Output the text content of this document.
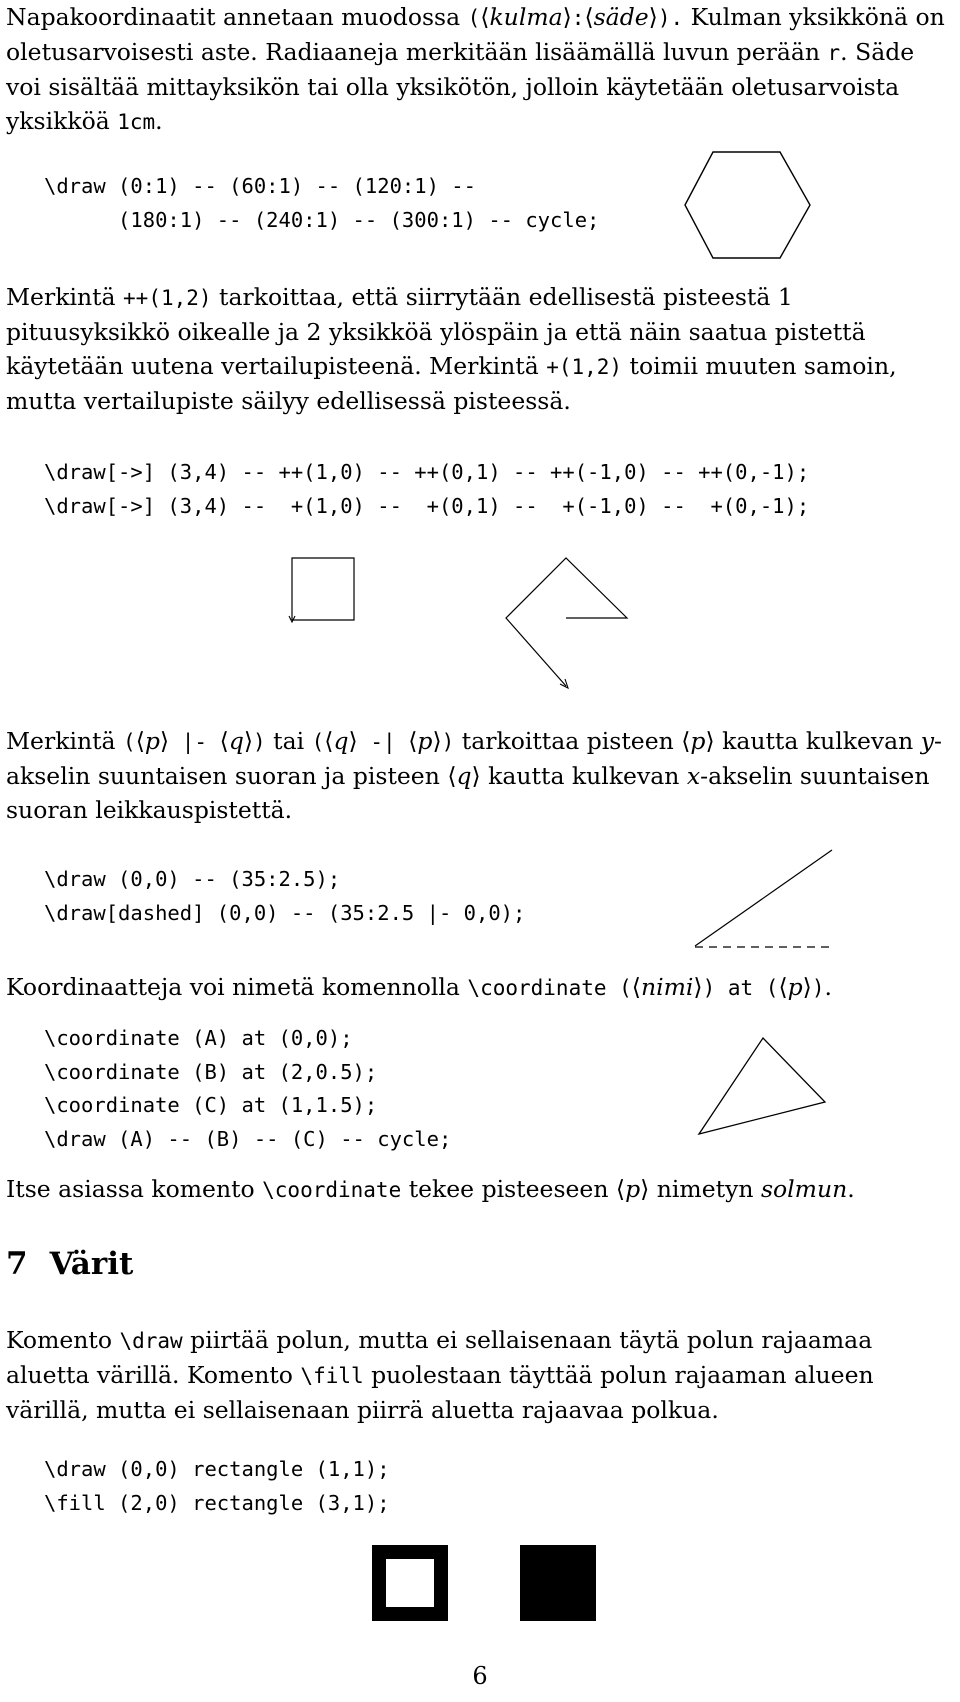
Napakoordinaatit annetaan muodossa (⟨kulma⟩:⟨säde⟩). Kulman yksikkönä on oletusarvoisesti aste. Radiaaneja merkitään lisäämällä luvun perään r. Säde voi sisältää mittayksikön tai olla yksikötön, jolloin käytetään oletusarvoista yksikköä 1cm.

\draw (0:1) -- (60:1) -- (120:1) --
(180:1) -- (240:1) -- (300:1) -- cycle;

Merkintä ++(1,2) tarkoittaa, että siirrytään edellisestä pisteestä 1 pituusyksikkö oikealle ja 2 yksikköä ylöspäin ja että näin saatua pistettä käytetään uutena vertailupisteenä. Merkintä +(1,2) toimii muuten samoin, mutta vertailupiste säilyy edellisessä pisteessä.

\draw[->] (3,4) -- ++(1,0) -- ++(0,1) -- ++(-1,0) -- ++(0,-1);
\draw[->] (3,4) --  +(1,0) --  +(0,1) --  +(-1,0) --  +(0,-1);

Merkintä (⟨p⟩ |- ⟨q⟩) tai (⟨q⟩ -| ⟨p⟩) tarkoittaa pisteen ⟨p⟩ kautta kulkevan y-akselin suuntaisen suoran ja pisteen ⟨q⟩ kautta kulkevan x-akselin suuntaisen suoran leikkauspistettä.

\draw (0,0) -- (35:2.5);
\draw[dashed] (0,0) -- (35:2.5 |- 0,0);

Koordinaatteja voi nimetä komennolla \coordinate (⟨nimi⟩) at (⟨p⟩).

\coordinate (A) at (0,0);
\coordinate (B) at (2,0.5);
\coordinate (C) at (1,1.5);
\draw (A) -- (B) -- (C) -- cycle;

Itse asiassa komento \coordinate tekee pisteeseen ⟨p⟩ nimetyn solmun.

7 Värit

Komento \draw piirtää polun, mutta ei sellaisenaan täytä polun rajaamaa aluetta värillä. Komento \fill puolestaan täyttää polun rajaaman alueen värillä, mutta ei sellaisenaan piirrä aluetta rajaavaa polkua.

\draw (0,0) rectangle (1,1);
\fill (2,0) rectangle (3,1);
6
